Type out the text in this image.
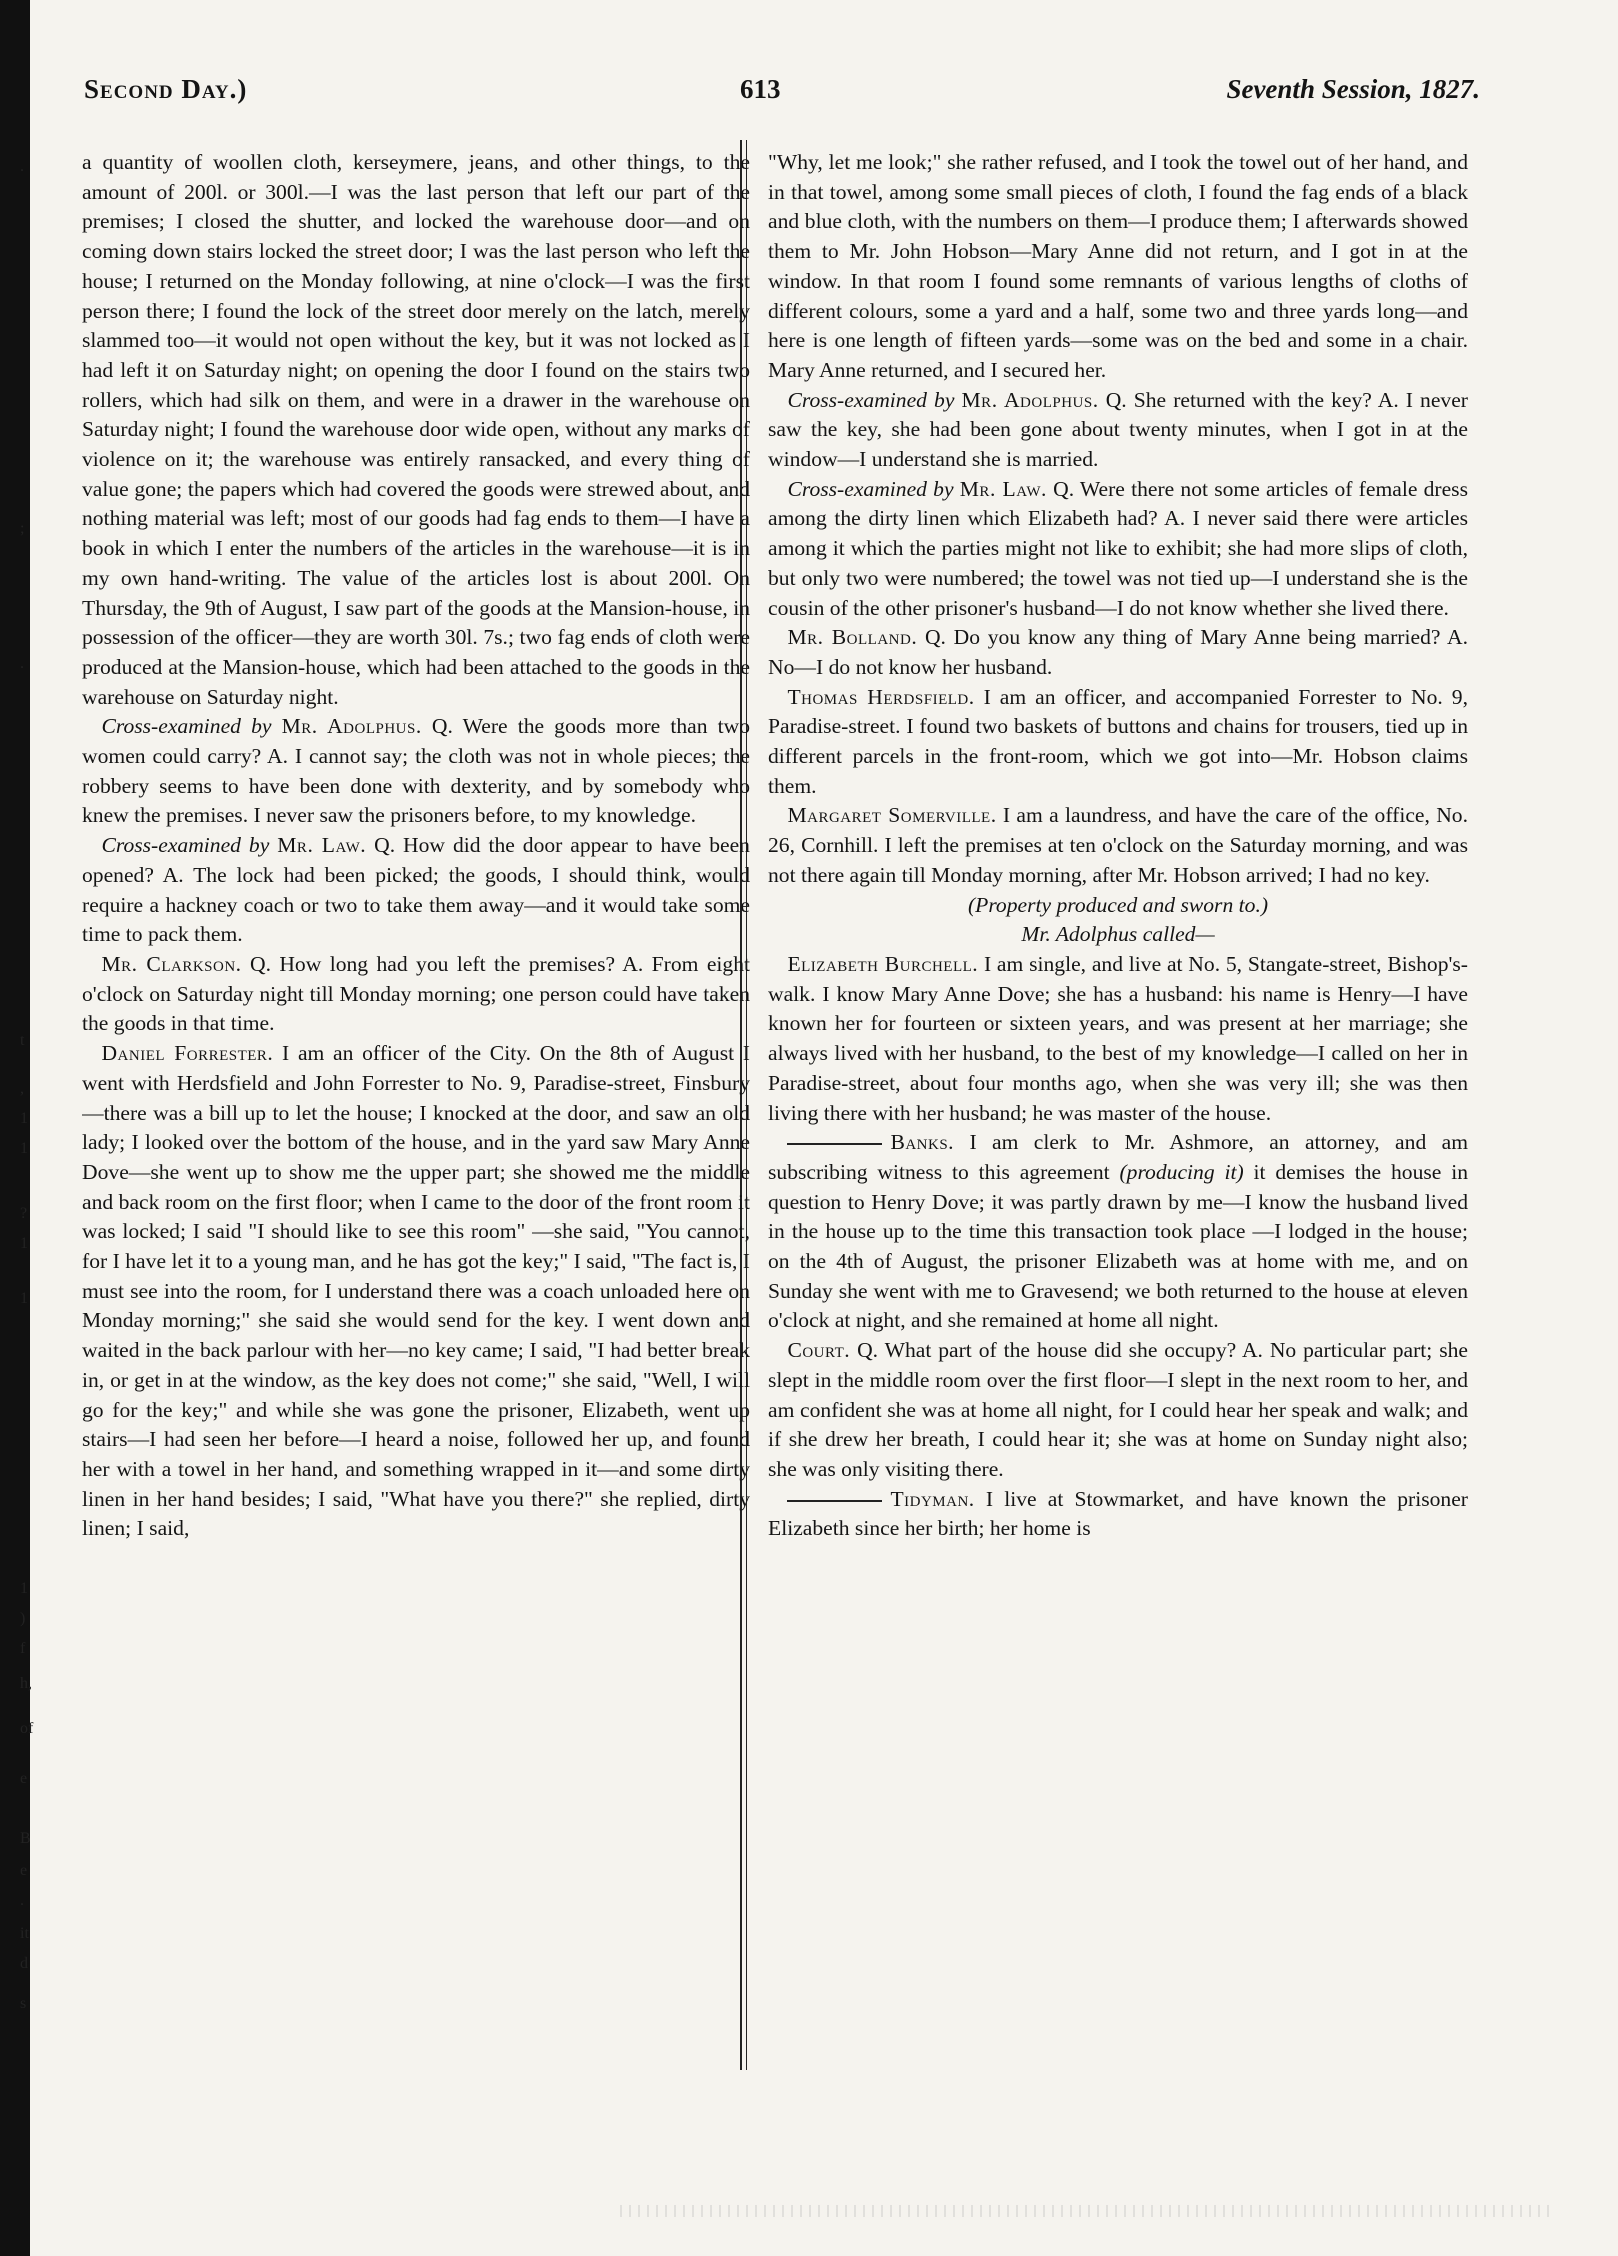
.
;
.
t
,
1
1
?
1
1
1
)
f
h,
of
e
B
e
.
it
d
s
Second Day.)	613	Seventh Session, 1827.

a quantity of woollen cloth, kerseymere, jeans, and other things, to the amount of 200l. or 300l.—I was the last person that left our part of the premises; I closed the shutter, and locked the warehouse door—and on coming down stairs locked the street door; I was the last person who left the house; I returned on the Monday following, at nine o'clock—I was the first person there; I found the lock of the street door merely on the latch, merely slammed too—it would not open without the key, but it was not locked as I had left it on Saturday night; on opening the door I found on the stairs two rollers, which had silk on them, and were in a drawer in the warehouse on Saturday night; I found the warehouse door wide open, without any marks of violence on it; the warehouse was entirely ransacked, and every thing of value gone; the papers which had covered the goods were strewed about, and nothing material was left; most of our goods had fag ends to them—I have a book in which I enter the numbers of the articles in the warehouse—it is in my own hand-writing. The value of the articles lost is about 200l. On Thursday, the 9th of August, I saw part of the goods at the Mansion-house, in possession of the officer—they are worth 30l. 7s.; two fag ends of cloth were produced at the Mansion-house, which had been attached to the goods in the warehouse on Saturday night.

Cross-examined by Mr. Adolphus. Q. Were the goods more than two women could carry? A. I cannot say; the cloth was not in whole pieces; the robbery seems to have been done with dexterity, and by somebody who knew the premises. I never saw the prisoners before, to my knowledge.

Cross-examined by Mr. Law. Q. How did the door appear to have been opened? A. The lock had been picked; the goods, I should think, would require a hackney coach or two to take them away—and it would take some time to pack them.

Mr. Clarkson. Q. How long had you left the premises? A. From eight o'clock on Saturday night till Monday morning; one person could have taken the goods in that time.

Daniel Forrester. I am an officer of the City. On the 8th of August I went with Herdsfield and John Forrester to No. 9, Paradise-street, Finsbury—there was a bill up to let the house; I knocked at the door, and saw an old lady; I looked over the bottom of the house, and in the yard saw Mary Anne Dove—she went up to show me the upper part; she showed me the middle and back room on the first floor; when I came to the door of the front room it was locked; I said "I should like to see this room" —she said, "You cannot, for I have let it to a young man, and he has got the key;" I said, "The fact is, I must see into the room, for I understand there was a coach unloaded here on Monday morning;" she said she would send for the key. I went down and waited in the back parlour with her—no key came; I said, "I had better break in, or get in at the window, as the key does not come;" she said, "Well, I will go for the key;" and while she was gone the prisoner, Elizabeth, went up stairs—I had seen her before—I heard a noise, followed her up, and found her with a towel in her hand, and something wrapped in it—and some dirty linen in her hand besides; I said, "What have you there?" she replied, dirty linen; I said,

"Why, let me look;" she rather refused, and I took the towel out of her hand, and in that towel, among some small pieces of cloth, I found the fag ends of a black and blue cloth, with the numbers on them—I produce them; I afterwards showed them to Mr. John Hobson—Mary Anne did not return, and I got in at the window. In that room I found some remnants of various lengths of cloths of different colours, some a yard and a half, some two and three yards long—and here is one length of fifteen yards—some was on the bed and some in a chair. Mary Anne returned, and I secured her.

Cross-examined by Mr. Adolphus. Q. She returned with the key? A. I never saw the key, she had been gone about twenty minutes, when I got in at the window—I understand she is married.

Cross-examined by Mr. Law. Q. Were there not some articles of female dress among the dirty linen which Elizabeth had? A. I never said there were articles among it which the parties might not like to exhibit; she had more slips of cloth, but only two were numbered; the towel was not tied up—I understand she is the cousin of the other prisoner's husband—I do not know whether she lived there.

Mr. Bolland. Q. Do you know any thing of Mary Anne being married? A. No—I do not know her husband.

Thomas Herdsfield. I am an officer, and accompanied Forrester to No. 9, Paradise-street. I found two baskets of buttons and chains for trousers, tied up in different parcels in the front-room, which we got into—Mr. Hobson claims them.

Margaret Somerville. I am a laundress, and have the care of the office, No. 26, Cornhill. I left the premises at ten o'clock on the Saturday morning, and was not there again till Monday morning, after Mr. Hobson arrived; I had no key.

(Property produced and sworn to.)

Mr. Adolphus called—

Elizabeth Burchell. I am single, and live at No. 5, Stangate-street, Bishop's-walk. I know Mary Anne Dove; she has a husband: his name is Henry—I have known her for fourteen or sixteen years, and was present at her marriage; she always lived with her husband, to the best of my knowledge—I called on her in Paradise-street, about four months ago, when she was very ill; she was then living there with her husband; he was master of the house.

Banks. I am clerk to Mr. Ashmore, an attorney, and am subscribing witness to this agreement (producing it) it demises the house in question to Henry Dove; it was partly drawn by me—I know the husband lived in the house up to the time this transaction took place —I lodged in the house; on the 4th of August, the prisoner Elizabeth was at home with me, and on Sunday she went with me to Gravesend; we both returned to the house at eleven o'clock at night, and she remained at home all night.

Court. Q. What part of the house did she occupy? A. No particular part; she slept in the middle room over the first floor—I slept in the next room to her, and am confident she was at home all night, for I could hear her speak and walk; and if she drew her breath, I could hear it; she was at home on Sunday night also; she was only visiting there.

Tidyman. I live at Stowmarket, and have known the prisoner Elizabeth since her birth; her home is
